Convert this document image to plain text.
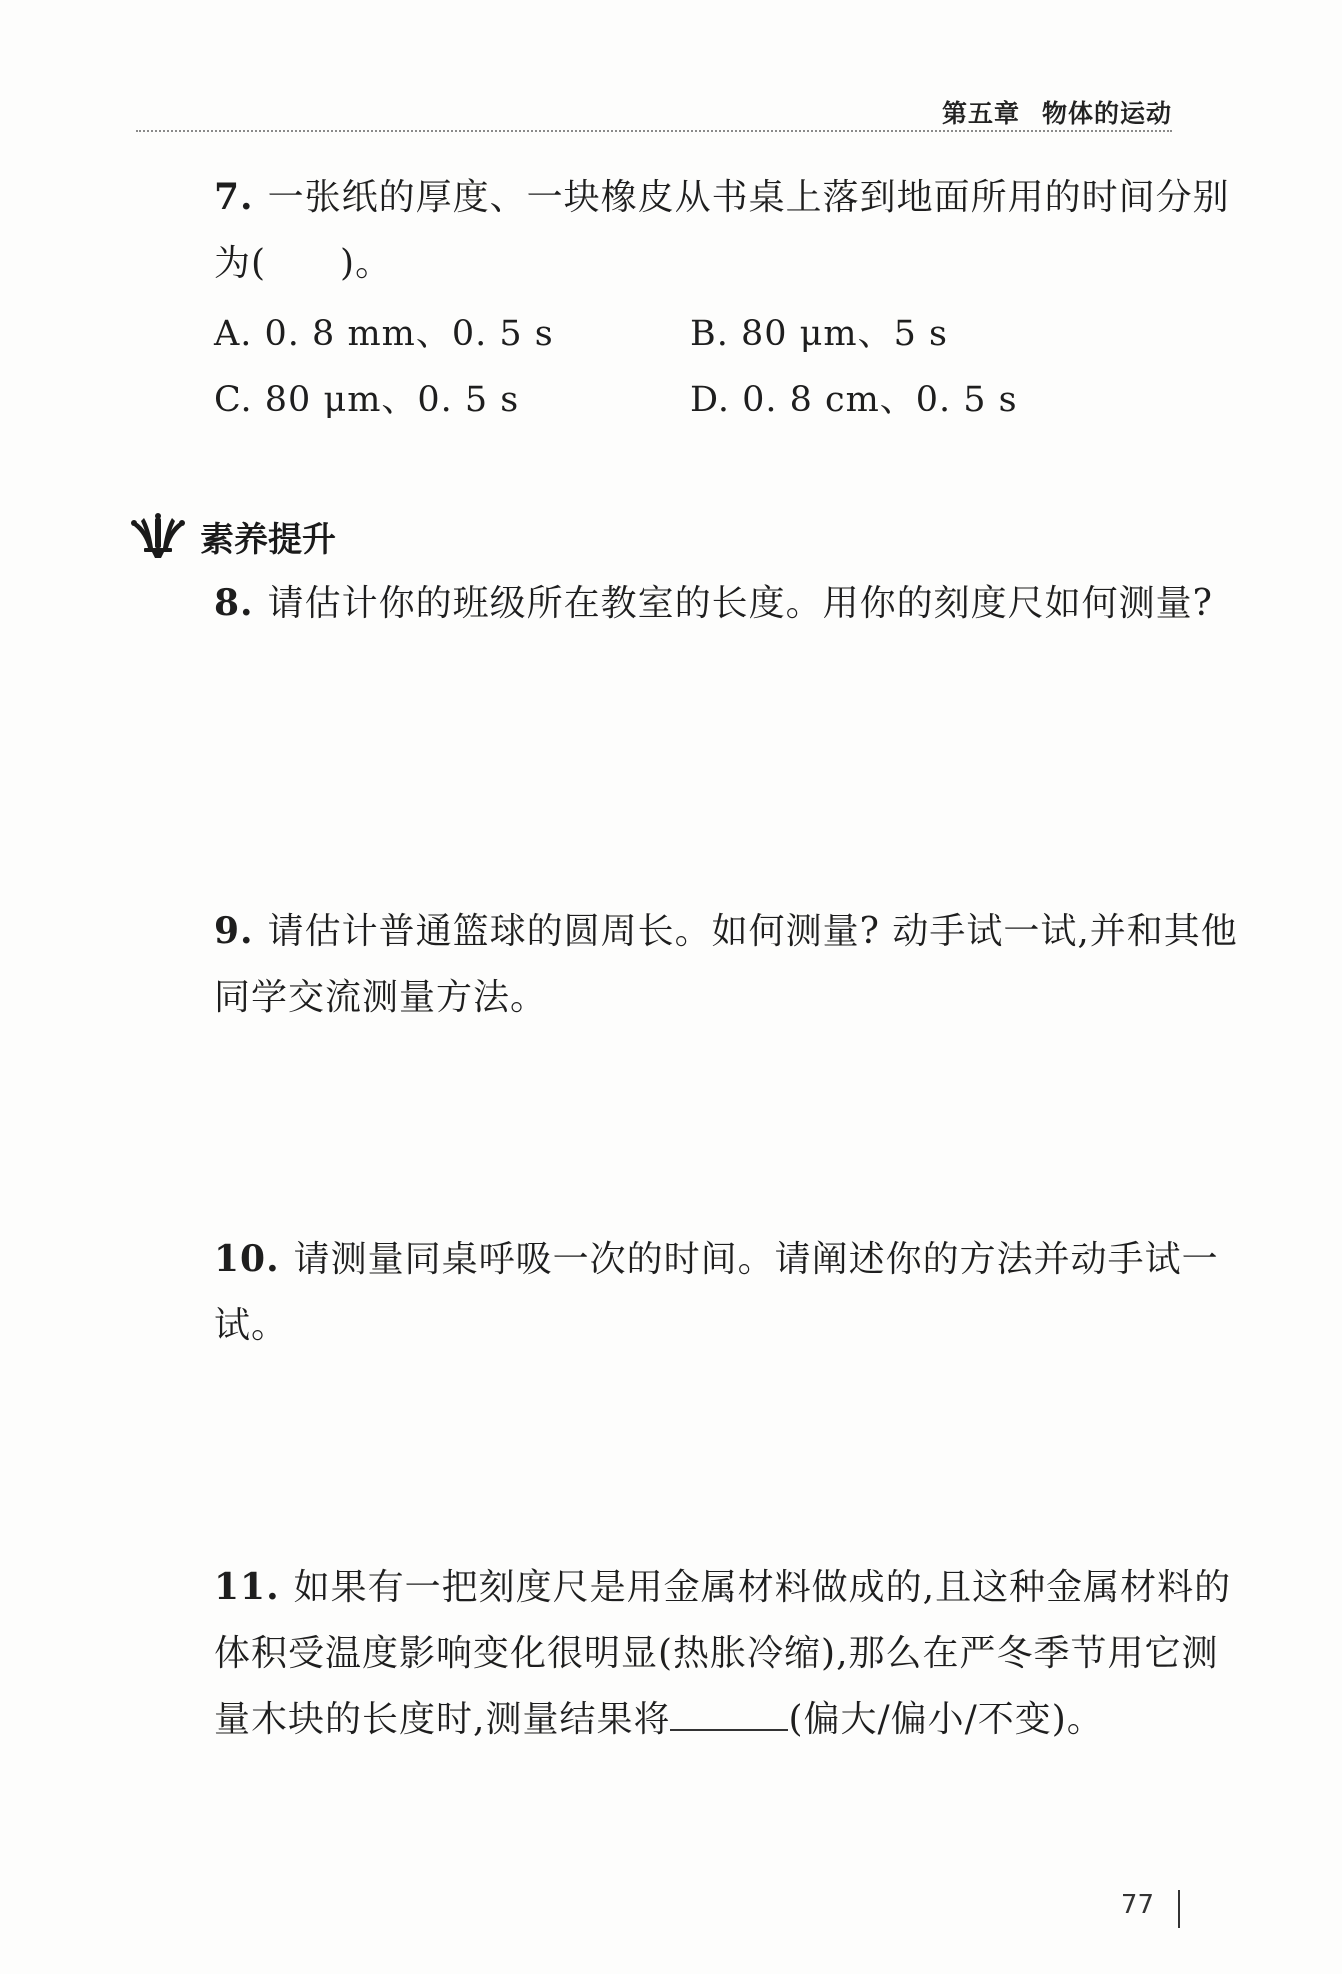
第五章 物体的运动
7. 一张纸的厚度、一块橡皮从书桌上落到地面所用的时间分别为(　　)。
A. 0. 8 mm、0. 5 s	B. 80 μm、5 s
C. 80 μm、0. 5 s	D. 0. 8 cm、0. 5 s
素养提升
8. 请估计你的班级所在教室的长度。用你的刻度尺如何测量?
9. 请估计普通篮球的圆周长。如何测量? 动手试一试,并和其他同学交流测量方法。
10. 请测量同桌呼吸一次的时间。请阐述你的方法并动手试一试。
11. 如果有一把刻度尺是用金属材料做成的,且这种金属材料的体积受温度影响变化很明显(热胀冷缩),那么在严冬季节用它测量木块的长度时,测量结果将	(偏大/偏小/不变)。
77
